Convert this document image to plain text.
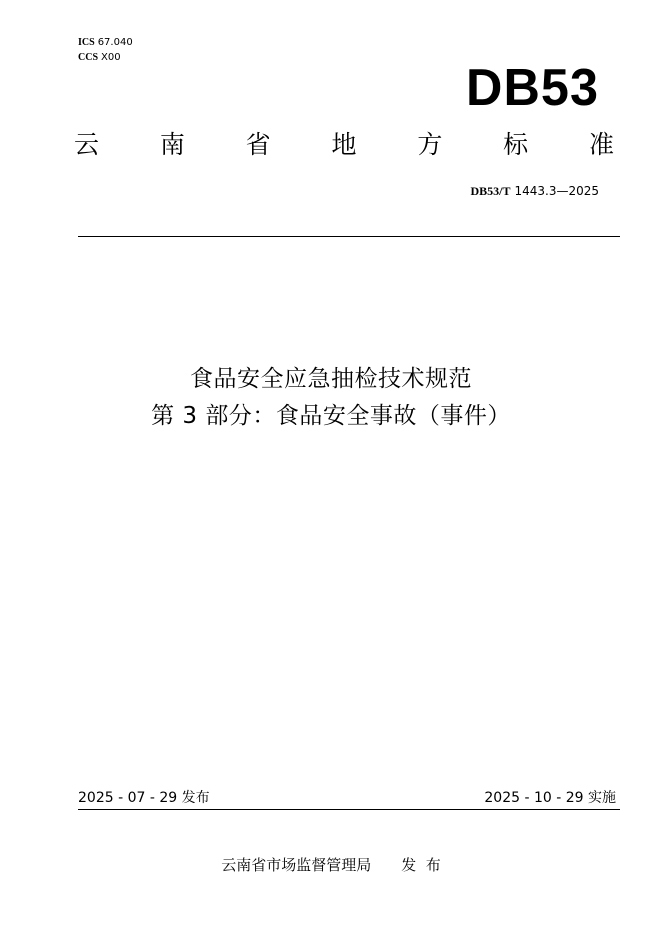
ICS 67.040
CCS X00
DB53
云 南 省 地 方 标 准
DB53/T 1443.3—2025
食品安全应急抽检技术规范
第 3 部分：食品安全事故（事件）
2025 - 07 - 29 发布	2025 - 10 - 29 实施
云南省市场监督管理局 发  布
